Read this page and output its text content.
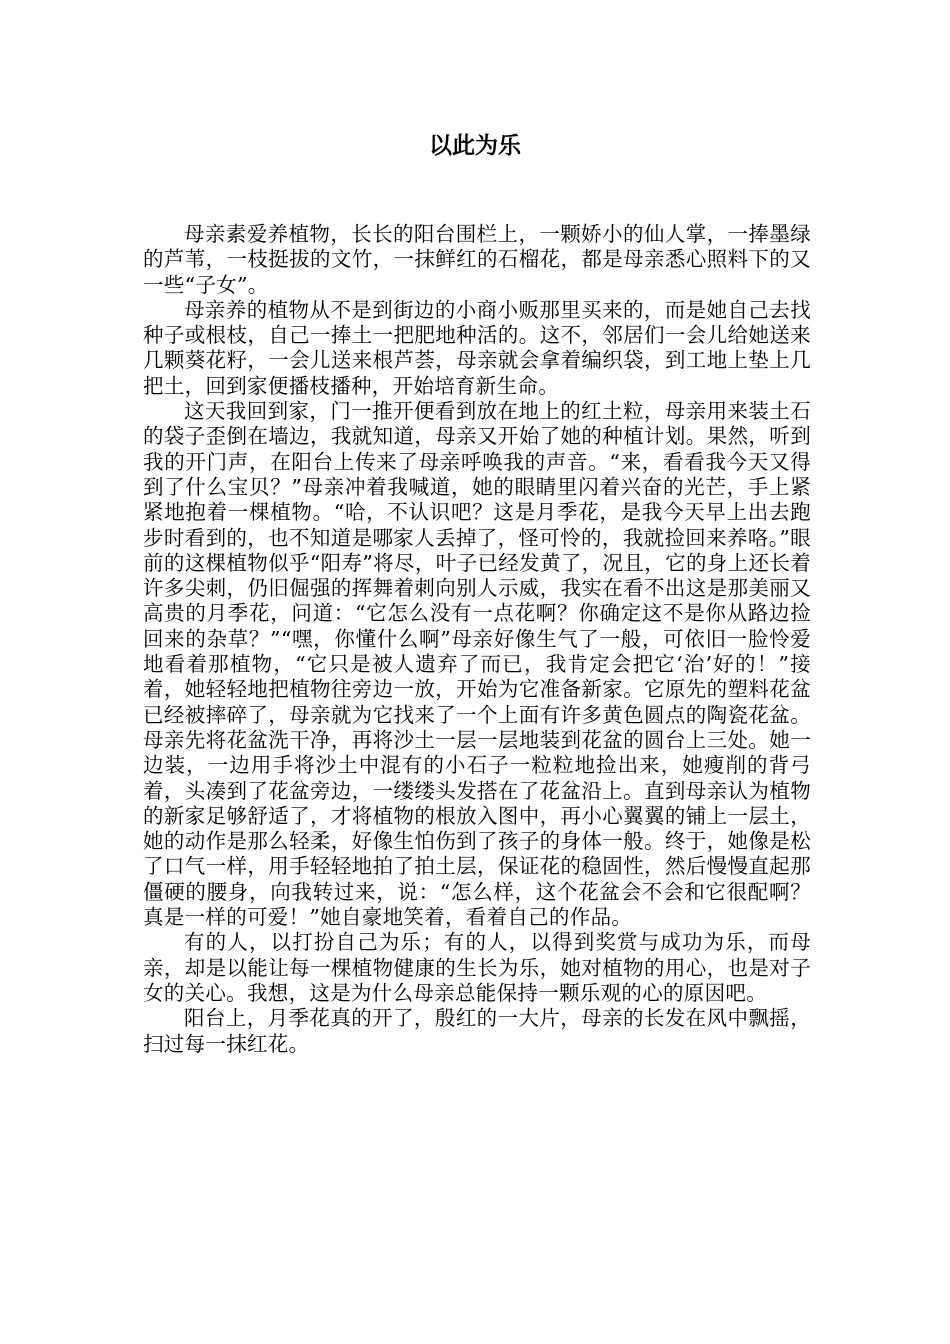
以此为乐

母亲素爱养植物，长长的阳台围栏上，一颗娇小的仙人掌，一捧墨绿的芦苇，一枝挺拔的文竹，一抹鲜红的石榴花，都是母亲悉心照料下的又一些“子女”。

母亲养的植物从不是到街边的小商小贩那里买来的，而是她自己去找种子或根枝，自己一捧土一把肥地种活的。这不，邻居们一会儿给她送来几颗葵花籽，一会儿送来根芦荟，母亲就会拿着编织袋，到工地上垫上几把土，回到家便播枝播种，开始培育新生命。

这天我回到家，门一推开便看到放在地上的红土粒，母亲用来装土石的袋子歪倒在墙边，我就知道，母亲又开始了她的种植计划。果然，听到我的开门声，在阳台上传来了母亲呼唤我的声音。“来，看看我今天又得到了什么宝贝？”母亲冲着我喊道，她的眼睛里闪着兴奋的光芒，手上紧紧地抱着一棵植物。“哈，不认识吧？这是月季花，是我今天早上出去跑步时看到的，也不知道是哪家人丢掉了，怪可怜的，我就捡回来养咯。”眼前的这棵植物似乎“阳寿”将尽，叶子已经发黄了，况且，它的身上还长着许多尖刺，仍旧倔强的挥舞着刺向别人示威，我实在看不出这是那美丽又高贵的月季花，问道：“它怎么没有一点花啊？你确定这不是你从路边捡回来的杂草？”“嘿，你懂什么啊”母亲好像生气了一般，可依旧一脸怜爱地看着那植物，“它只是被人遗弃了而已，我肯定会把它‘治’好的！”接着，她轻轻地把植物往旁边一放，开始为它准备新家。它原先的塑料花盆已经被摔碎了，母亲就为它找来了一个上面有许多黄色圆点的陶瓷花盆。母亲先将花盆洗干净，再将沙土一层一层地装到花盆的圆台上三处。她一边装，一边用手将沙土中混有的小石子一粒粒地捡出来，她瘦削的背弓着，头凑到了花盆旁边，一缕缕头发搭在了花盆沿上。直到母亲认为植物的新家足够舒适了，才将植物的根放入图中，再小心翼翼的铺上一层土，她的动作是那么轻柔，好像生怕伤到了孩子的身体一般。终于，她像是松了口气一样，用手轻轻地拍了拍土层，保证花的稳固性，然后慢慢直起那僵硬的腰身，向我转过来，说：“怎么样，这个花盆会不会和它很配啊？真是一样的可爱！”她自豪地笑着，看着自己的作品。

有的人，以打扮自己为乐；有的人，以得到奖赏与成功为乐，而母亲，却是以能让每一棵植物健康的生长为乐，她对植物的用心，也是对子女的关心。我想，这是为什么母亲总能保持一颗乐观的心的原因吧。

阳台上，月季花真的开了，殷红的一大片，母亲的长发在风中飘摇，扫过每一抹红花。
